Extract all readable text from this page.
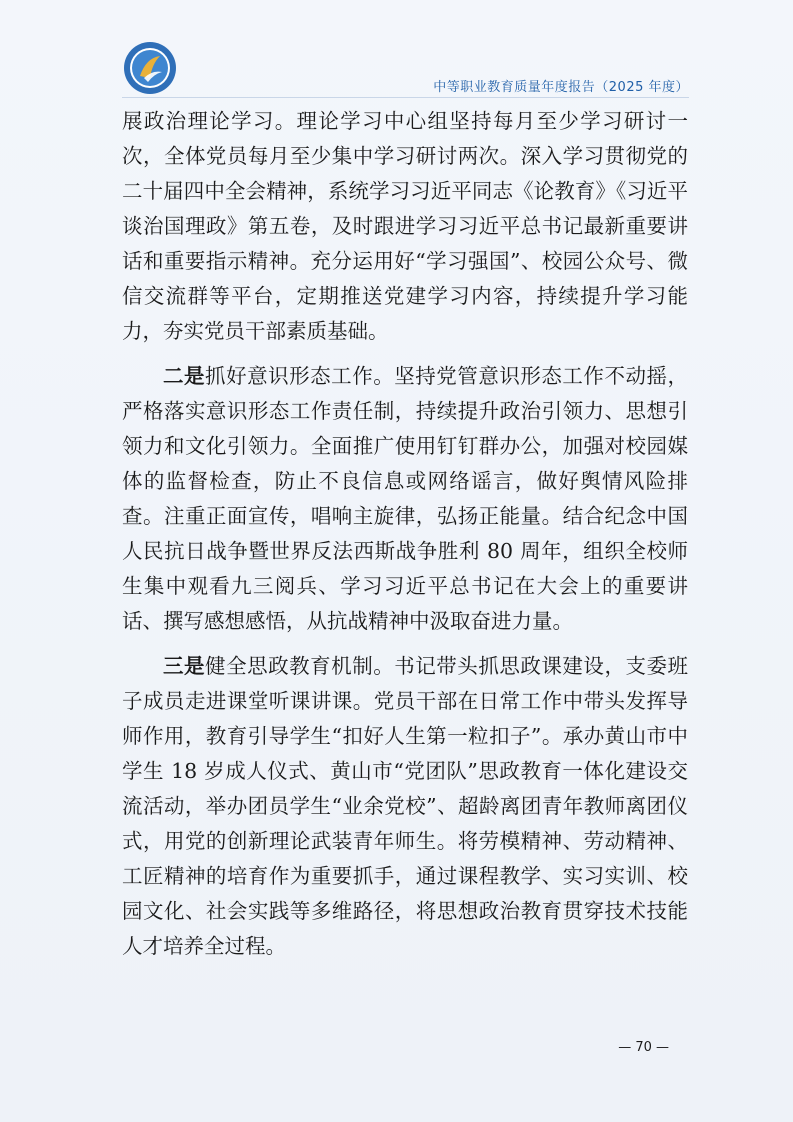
中等职业教育质量年度报告（2025 年度）

展政治理论学习。理论学习中心组坚持每月至少学习研讨一次，全体党员每月至少集中学习研讨两次。深入学习贯彻党的二十届四中全会精神，系统学习习近平同志《论教育》《习近平谈治国理政》第五卷，及时跟进学习习近平总书记最新重要讲话和重要指示精神。充分运用好“学习强国”、校园公众号、微信交流群等平台，定期推送党建学习内容，持续提升学习能力，夯实党员干部素质基础。

二是抓好意识形态工作。坚持党管意识形态工作不动摇，严格落实意识形态工作责任制，持续提升政治引领力、思想引领力和文化引领力。全面推广使用钉钉群办公，加强对校园媒体的监督检查，防止不良信息或网络谣言，做好舆情风险排查。注重正面宣传，唱响主旋律，弘扬正能量。结合纪念中国人民抗日战争暨世界反法西斯战争胜利 80 周年，组织全校师生集中观看九三阅兵、学习习近平总书记在大会上的重要讲话、撰写感想感悟，从抗战精神中汲取奋进力量。

三是健全思政教育机制。书记带头抓思政课建设，支委班子成员走进课堂听课讲课。党员干部在日常工作中带头发挥导师作用，教育引导学生“扣好人生第一粒扣子”。承办黄山市中学生 18 岁成人仪式、黄山市“党团队”思政教育一体化建设交流活动，举办团员学生“业余党校”、超龄离团青年教师离团仪式，用党的创新理论武装青年师生。将劳模精神、劳动精神、工匠精神的培育作为重要抓手，通过课程教学、实习实训、校园文化、社会实践等多维路径，将思想政治教育贯穿技术技能人才培养全过程。

— 70 —
